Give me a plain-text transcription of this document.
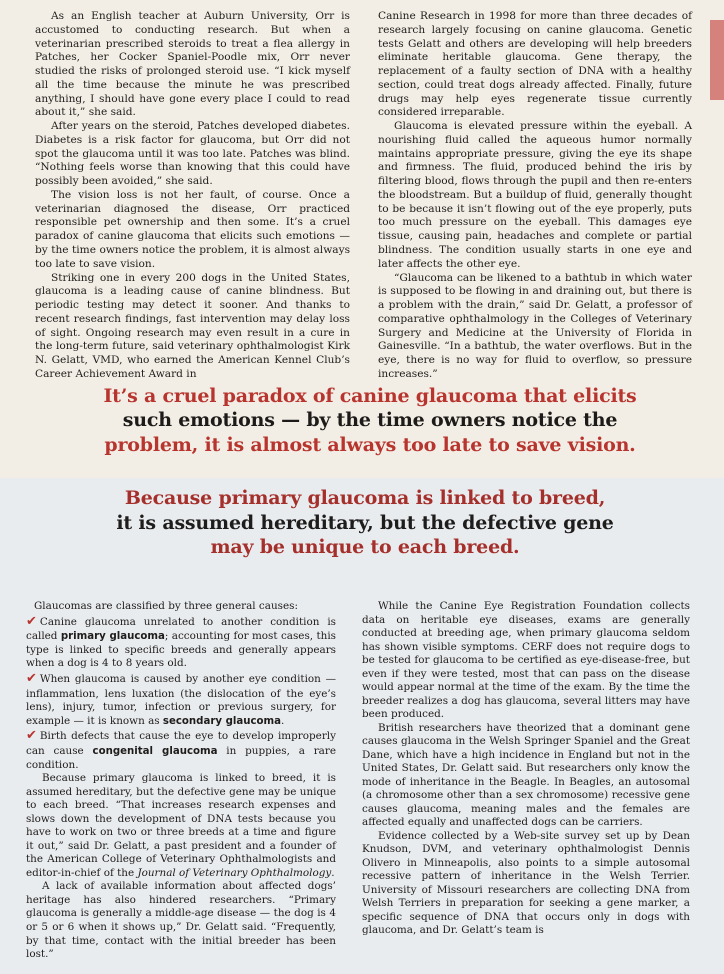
As an English teacher at Auburn University, Orr is accustomed to conducting research. But when a veterinarian prescribed steroids to treat a flea allergy in Patches, her Cocker Spaniel-Poodle mix, Orr never studied the risks of prolonged steroid use. “I kick myself all the time because the minute he was prescribed anything, I should have gone every place I could to read about it,” she said.

After years on the steroid, Patches developed diabetes. Diabetes is a risk factor for glaucoma, but Orr did not spot the glaucoma until it was too late. Patches was blind. “Nothing feels worse than knowing that this could have possibly been avoided,” she said.

The vision loss is not her fault, of course. Once a veterinarian diagnosed the disease, Orr practiced responsible pet ownership and then some. It’s a cruel paradox of canine glaucoma that elicits such emotions — by the time owners notice the problem, it is almost always too late to save vision.

Striking one in every 200 dogs in the United States, glaucoma is a leading cause of canine blindness. But periodic testing may detect it sooner. And thanks to recent research findings, fast intervention may delay loss of sight. Ongoing research may even result in a cure in the long-term future, said veterinary ophthalmologist Kirk N. Gelatt, VMD, who earned the American Kennel Club’s Career Achievement Award in

Canine Research in 1998 for more than three decades of research largely focusing on canine glaucoma. Genetic tests Gelatt and others are developing will help breeders eliminate heritable glaucoma. Gene therapy, the replacement of a faulty section of DNA with a healthy section, could treat dogs already affected. Finally, future drugs may help eyes regenerate tissue currently considered irreparable.

Glaucoma is elevated pressure within the eyeball. A nourishing fluid called the aqueous humor normally maintains appropriate pressure, giving the eye its shape and firmness. The fluid, produced behind the iris by filtering blood, flows through the pupil and then re-enters the bloodstream. But a buildup of fluid, generally thought to be because it isn’t flowing out of the eye properly, puts too much pressure on the eyeball. This damages eye tissue, causing pain, headaches and complete or partial blindness. The condition usually starts in one eye and later affects the other eye.

“Glaucoma can be likened to a bathtub in which water is supposed to be flowing in and draining out, but there is a problem with the drain,” said Dr. Gelatt, a professor of comparative ophthalmology in the Colleges of Veterinary Surgery and Medicine at the University of Florida in Gainesville. “In a bathtub, the water overflows. But in the eye, there is no way for fluid to overflow, so pressure increases.”

It’s a cruel paradox of canine glaucoma that elicits
such emotions — by the time owners notice the
problem, it is almost always too late to save vision.
Because primary glaucoma is linked to breed,
it is assumed hereditary, but the defective gene
may be unique to each breed.

Glaucomas are classified by three general causes:

✔ Canine glaucoma unrelated to another condition is called primary glaucoma; accounting for most cases, this type is linked to specific breeds and generally appears when a dog is 4 to 8 years old.

✔ When glaucoma is caused by another eye condition — inflammation, lens luxation (the dislocation of the eye’s lens), injury, tumor, infection or previous surgery, for example — it is known as secondary glaucoma.

✔ Birth defects that cause the eye to develop improperly can cause congenital glaucoma in puppies, a rare condition.

Because primary glaucoma is linked to breed, it is assumed hereditary, but the defective gene may be unique to each breed. “That increases research expenses and slows down the development of DNA tests because you have to work on two or three breeds at a time and figure it out,” said Dr. Gelatt, a past president and a founder of the American College of Veterinary Ophthalmologists and editor-in-chief of the Journal of Veterinary Ophthalmology.

A lack of available information about affected dogs’ heritage has also hindered researchers. “Primary glaucoma is generally a middle-age disease — the dog is 4 or 5 or 6 when it shows up,” Dr. Gelatt said. “Frequently, by that time, contact with the initial breeder has been lost.”

While the Canine Eye Registration Foundation collects data on heritable eye diseases, exams are generally conducted at breeding age, when primary glaucoma seldom has shown visible symptoms. CERF does not require dogs to be tested for glaucoma to be certified as eye-disease-free, but even if they were tested, most that can pass on the disease would appear normal at the time of the exam. By the time the breeder realizes a dog has glaucoma, several litters may have been produced.

British researchers have theorized that a dominant gene causes glaucoma in the Welsh Springer Spaniel and the Great Dane, which have a high incidence in England but not in the United States, Dr. Gelatt said. But researchers only know the mode of inheritance in the Beagle. In Beagles, an autosomal (a chromosome other than a sex chromosome) recessive gene causes glaucoma, meaning males and the females are affected equally and unaffected dogs can be carriers.

Evidence collected by a Web-site survey set up by Dean Knudson, DVM, and veterinary ophthalmologist Dennis Olivero in Minneapolis, also points to a simple autosomal recessive pattern of inheritance in the Welsh Terrier. University of Missouri researchers are collecting DNA from Welsh Terriers in preparation for seeking a gene marker, a specific sequence of DNA that occurs only in dogs with glaucoma, and Dr. Gelatt’s team is
